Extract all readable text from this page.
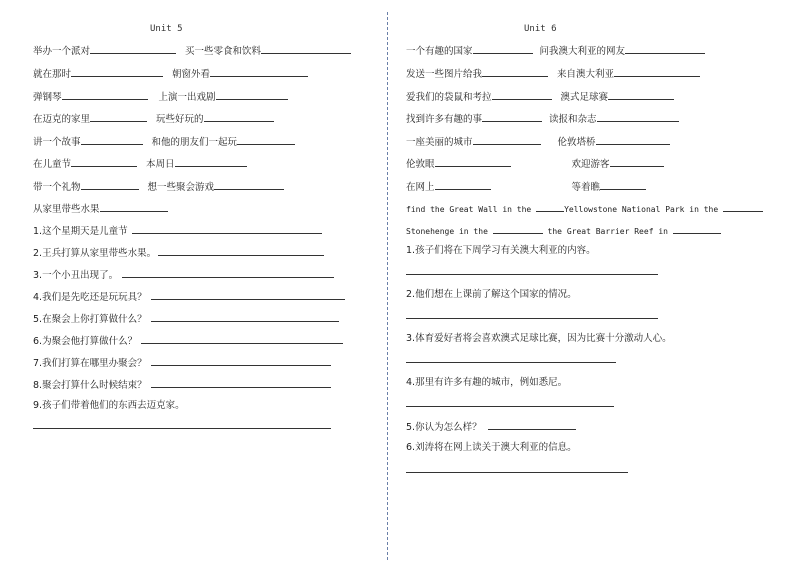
Unit 5
举办一个派对	买一些零食和饮料
就在那时	朝窗外看
弹钢琴	上演一出戏剧
在迈克的家里	玩些好玩的
讲一个故事	和他的朋友们一起玩
在儿童节	本周日
带一个礼物	想一些聚会游戏
从家里带些水果
1.这个星期天是儿童节
2.王兵打算从家里带些水果。
3.一个小丑出现了。
4.我们是先吃还是玩玩具？
5.在聚会上你打算做什么？
6.为聚会他打算做什么？
7.我们打算在哪里办聚会？
8.聚会打算什么时候结束？
9.孩子们带着他们的东西去迈克家。
Unit 6
一个有趣的国家	问我澳大利亚的网友
发送一些图片给我	来自澳大利亚
爱我们的袋鼠和考拉	澳式足球赛
找到许多有趣的事	读报和杂志
一座美丽的城市	伦敦塔桥
伦敦眼	欢迎游客
在网上	等着瞧
find the Great Wall in the	Yellowstone National Park in the
Stonehenge in the	the Great Barrier Reef in
1.孩子们将在下周学习有关澳大利亚的内容。
2.他们想在上课前了解这个国家的情况。
3.体育爱好者将会喜欢澳式足球比赛，因为比赛十分激动人心。
4.那里有许多有趣的城市，例如悉尼。
5.你认为怎么样？
6.刘涛将在网上读关于澳大利亚的信息。
